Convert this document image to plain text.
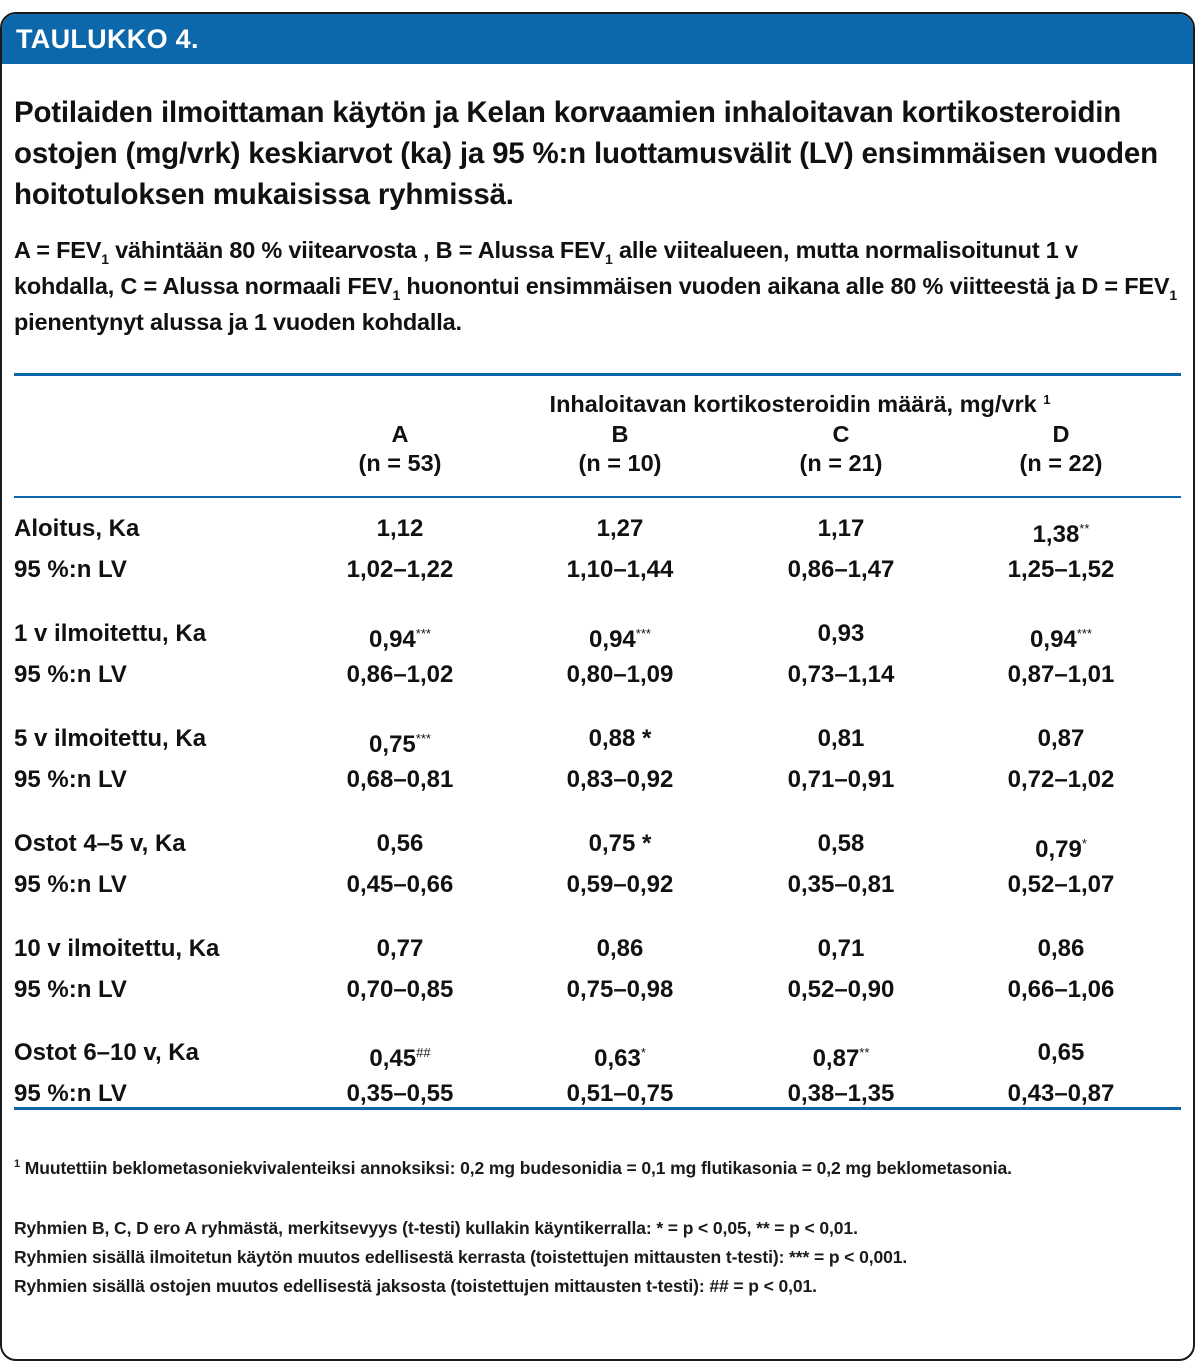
TAULUKKO 4.

Potilaiden ilmoittaman käytön ja Kelan korvaamien inhaloitavan kortikosteroidin ostojen (mg/vrk) keskiarvot (ka) ja 95 %:n luottamusvälit (LV) ensimmäisen vuoden hoitotuloksen mukaisissa ryhmissä.

$A = FEV_1$ vähintään 80 % viitearvosta , B = Alussa $FEV_1$ alle viitealueen, mutta normalisoitunut 1 v kohdalla, C = Alussa normaali $FEV_1$ huonontui ensimmäisen vuoden aikana alle 80 % viitteestä ja $D = FEV_1$ pienentynyt alussa ja 1 vuoden kohdalla.

Inhaloitavan kortikosteroidin määrä, mg/vrk $^1$
A
(n = 53)
B
(n = 10)
C
(n = 21)
D
(n = 22)
Aloitus, Ka	1,12	1,27	1,17	1,38**
95 %:n LV	1,02–1,22	1,10–1,44	0,86–1,47	1,25–1,52
1 v ilmoitettu, Ka	0,94***	0,94***	0,93	0,94***
95 %:n LV	0,86–1,02	0,80–1,09	0,73–1,14	0,87–1,01
5 v ilmoitettu, Ka	0,75***	0,88 *	0,81	0,87
95 %:n LV	0,68–0,81	0,83–0,92	0,71–0,91	0,72–1,02
Ostot 4–5 v, Ka	0,56	0,75 *	0,58	0,79*
95 %:n LV	0,45–0,66	0,59–0,92	0,35–0,81	0,52–1,07
10 v ilmoitettu, Ka	0,77	0,86	0,71	0,86
95 %:n LV	0,70–0,85	0,75–0,98	0,52–0,90	0,66–1,06
Ostot 6–10 v, Ka	0,45##	0,63*	0,87**	0,65
95 %:n LV	0,35–0,55	0,51–0,75	0,38–1,35	0,43–0,87
$^1$ Muutettiin beklometasoniekvivalenteiksi annoksiksi: 0,2 mg budesonidia = 0,1 mg flutikasonia = 0,2 mg beklometasonia.
Ryhmien B, C, D ero A ryhmästä, merkitsevyys (t-testi) kullakin käyntikerralla: * = p < 0,05, ** = p < 0,01.
Ryhmien sisällä ilmoitetun käytön muutos edellisestä kerrasta (toistettujen mittausten t-testi): *** = p < 0,001.
Ryhmien sisällä ostojen muutos edellisestä jaksosta (toistettujen mittausten t-testi): ## = p < 0,01.
